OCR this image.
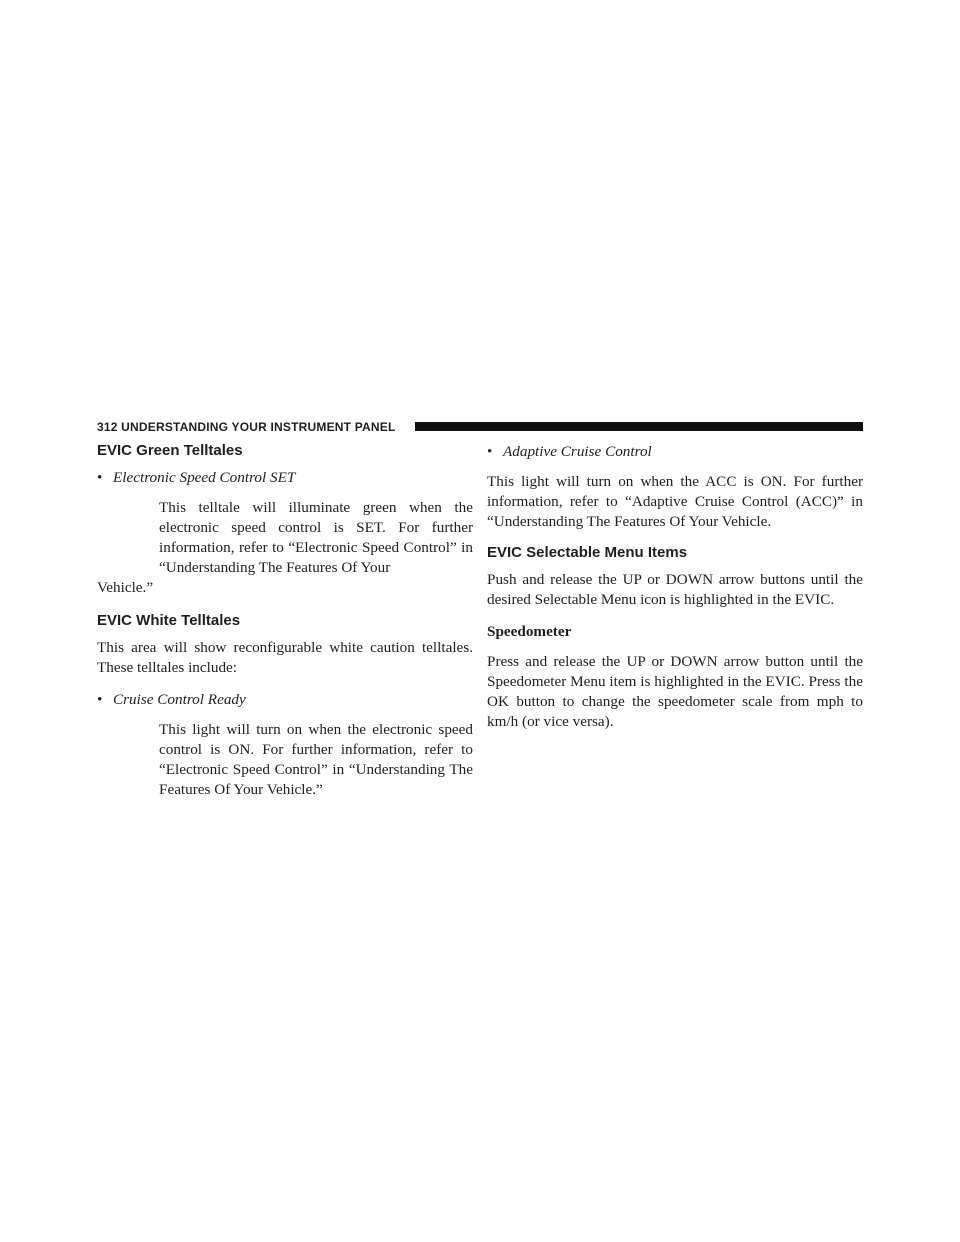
312 UNDERSTANDING YOUR INSTRUMENT PANEL
EVIC Green Telltales
• Electronic Speed Control SET

This telltale will illuminate green when the electronic speed control is SET. For further information, refer to “Electronic Speed Control” in “Understanding The Features Of Your

Vehicle.”

EVIC White Telltales

This area will show reconfigurable white caution telltales. These telltales include:

• Cruise Control Ready

This light will turn on when the electronic speed control is ON. For further information, refer to “Electronic Speed Control” in “Understanding The Features Of Your Vehicle.”

• Adaptive Cruise Control

This light will turn on when the ACC is ON. For further information, refer to “Adaptive Cruise Control (ACC)” in “Understanding The Features Of Your Vehicle.

EVIC Selectable Menu Items

Push and release the UP or DOWN arrow buttons until the desired Selectable Menu icon is highlighted in the EVIC.

Speedometer

Press and release the UP or DOWN arrow button until the Speedometer Menu item is highlighted in the EVIC. Press the OK button to change the speedometer scale from mph to km/h (or vice versa).
